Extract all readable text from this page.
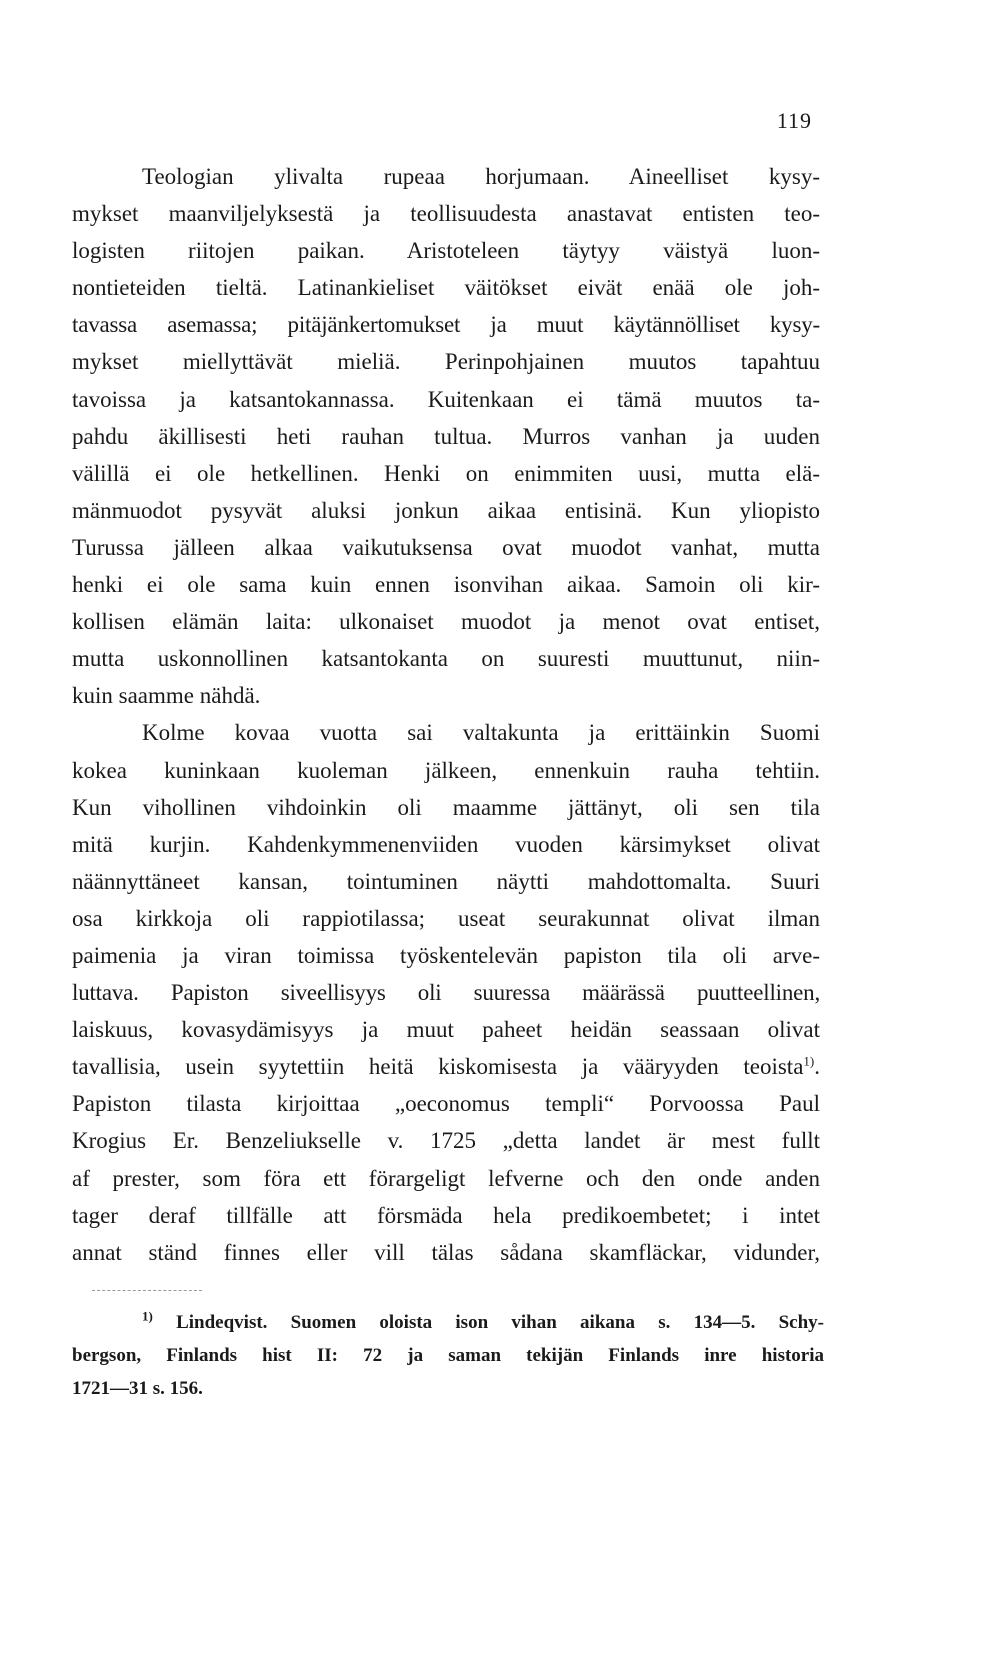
119
Teologian ylivalta rupeaa horjumaan. Aineelliset kysy-
mykset maanviljelyksestä ja teollisuudesta anastavat entisten teo-
logisten riitojen paikan. Aristoteleen täytyy väistyä luon-
nontieteiden tieltä. Latinankieliset väitökset eivät enää ole joh-
tavassa asemassa; pitäjänkertomukset ja muut käytännölliset kysy-
mykset miellyttävät mieliä. Perinpohjainen muutos tapahtuu
tavoissa ja katsantokannassa. Kuitenkaan ei tämä muutos ta-
pahdu äkillisesti heti rauhan tultua. Murros vanhan ja uuden
välillä ei ole hetkellinen. Henki on enimmiten uusi, mutta elä-
mänmuodot pysyvät aluksi jonkun aikaa entisinä. Kun yliopisto
Turussa jälleen alkaa vaikutuksensa ovat muodot vanhat, mutta
henki ei ole sama kuin ennen isonvihan aikaa. Samoin oli kir-
kollisen elämän laita: ulkonaiset muodot ja menot ovat entiset,
mutta uskonnollinen katsantokanta on suuresti muuttunut, niin-
kuin saamme nähdä.
Kolme kovaa vuotta sai valtakunta ja erittäinkin Suomi
kokea kuninkaan kuoleman jälkeen, ennenkuin rauha tehtiin.
Kun vihollinen vihdoinkin oli maamme jättänyt, oli sen tila
mitä kurjin. Kahdenkymmenenviiden vuoden kärsimykset olivat
näännyttäneet kansan, tointuminen näytti mahdottomalta. Suuri
osa kirkkoja oli rappiotilassa; useat seurakunnat olivat ilman
paimenia ja viran toimissa työskentelevän papiston tila oli arve-
luttava. Papiston siveellisyys oli suuressa määrässä puutteellinen,
laiskuus, kovasydämisyys ja muut paheet heidän seassaan olivat
tavallisia, usein syytettiin heitä kiskomisesta ja vääryyden teoista$^{1)}$.
Papiston tilasta kirjoittaa „oeconomus templi“ Porvoossa Paul
Krogius Er. Benzeliukselle v. 1725 „detta landet är mest fullt
af prester, som föra ett förargeligt lefverne och den onde anden
tager deraf tillfälle att försmäda hela predikoembetet; i intet
annat ständ finnes eller vill tälas sådana skamfläckar, vidunder,
$^{1)}$ Lindeqvist. Suomen oloista ison vihan aikana s. 134—5. Schy-
bergson, Finlands hist II: 72 ja saman tekijän Finlands inre historia
1721—31 s. 156.
